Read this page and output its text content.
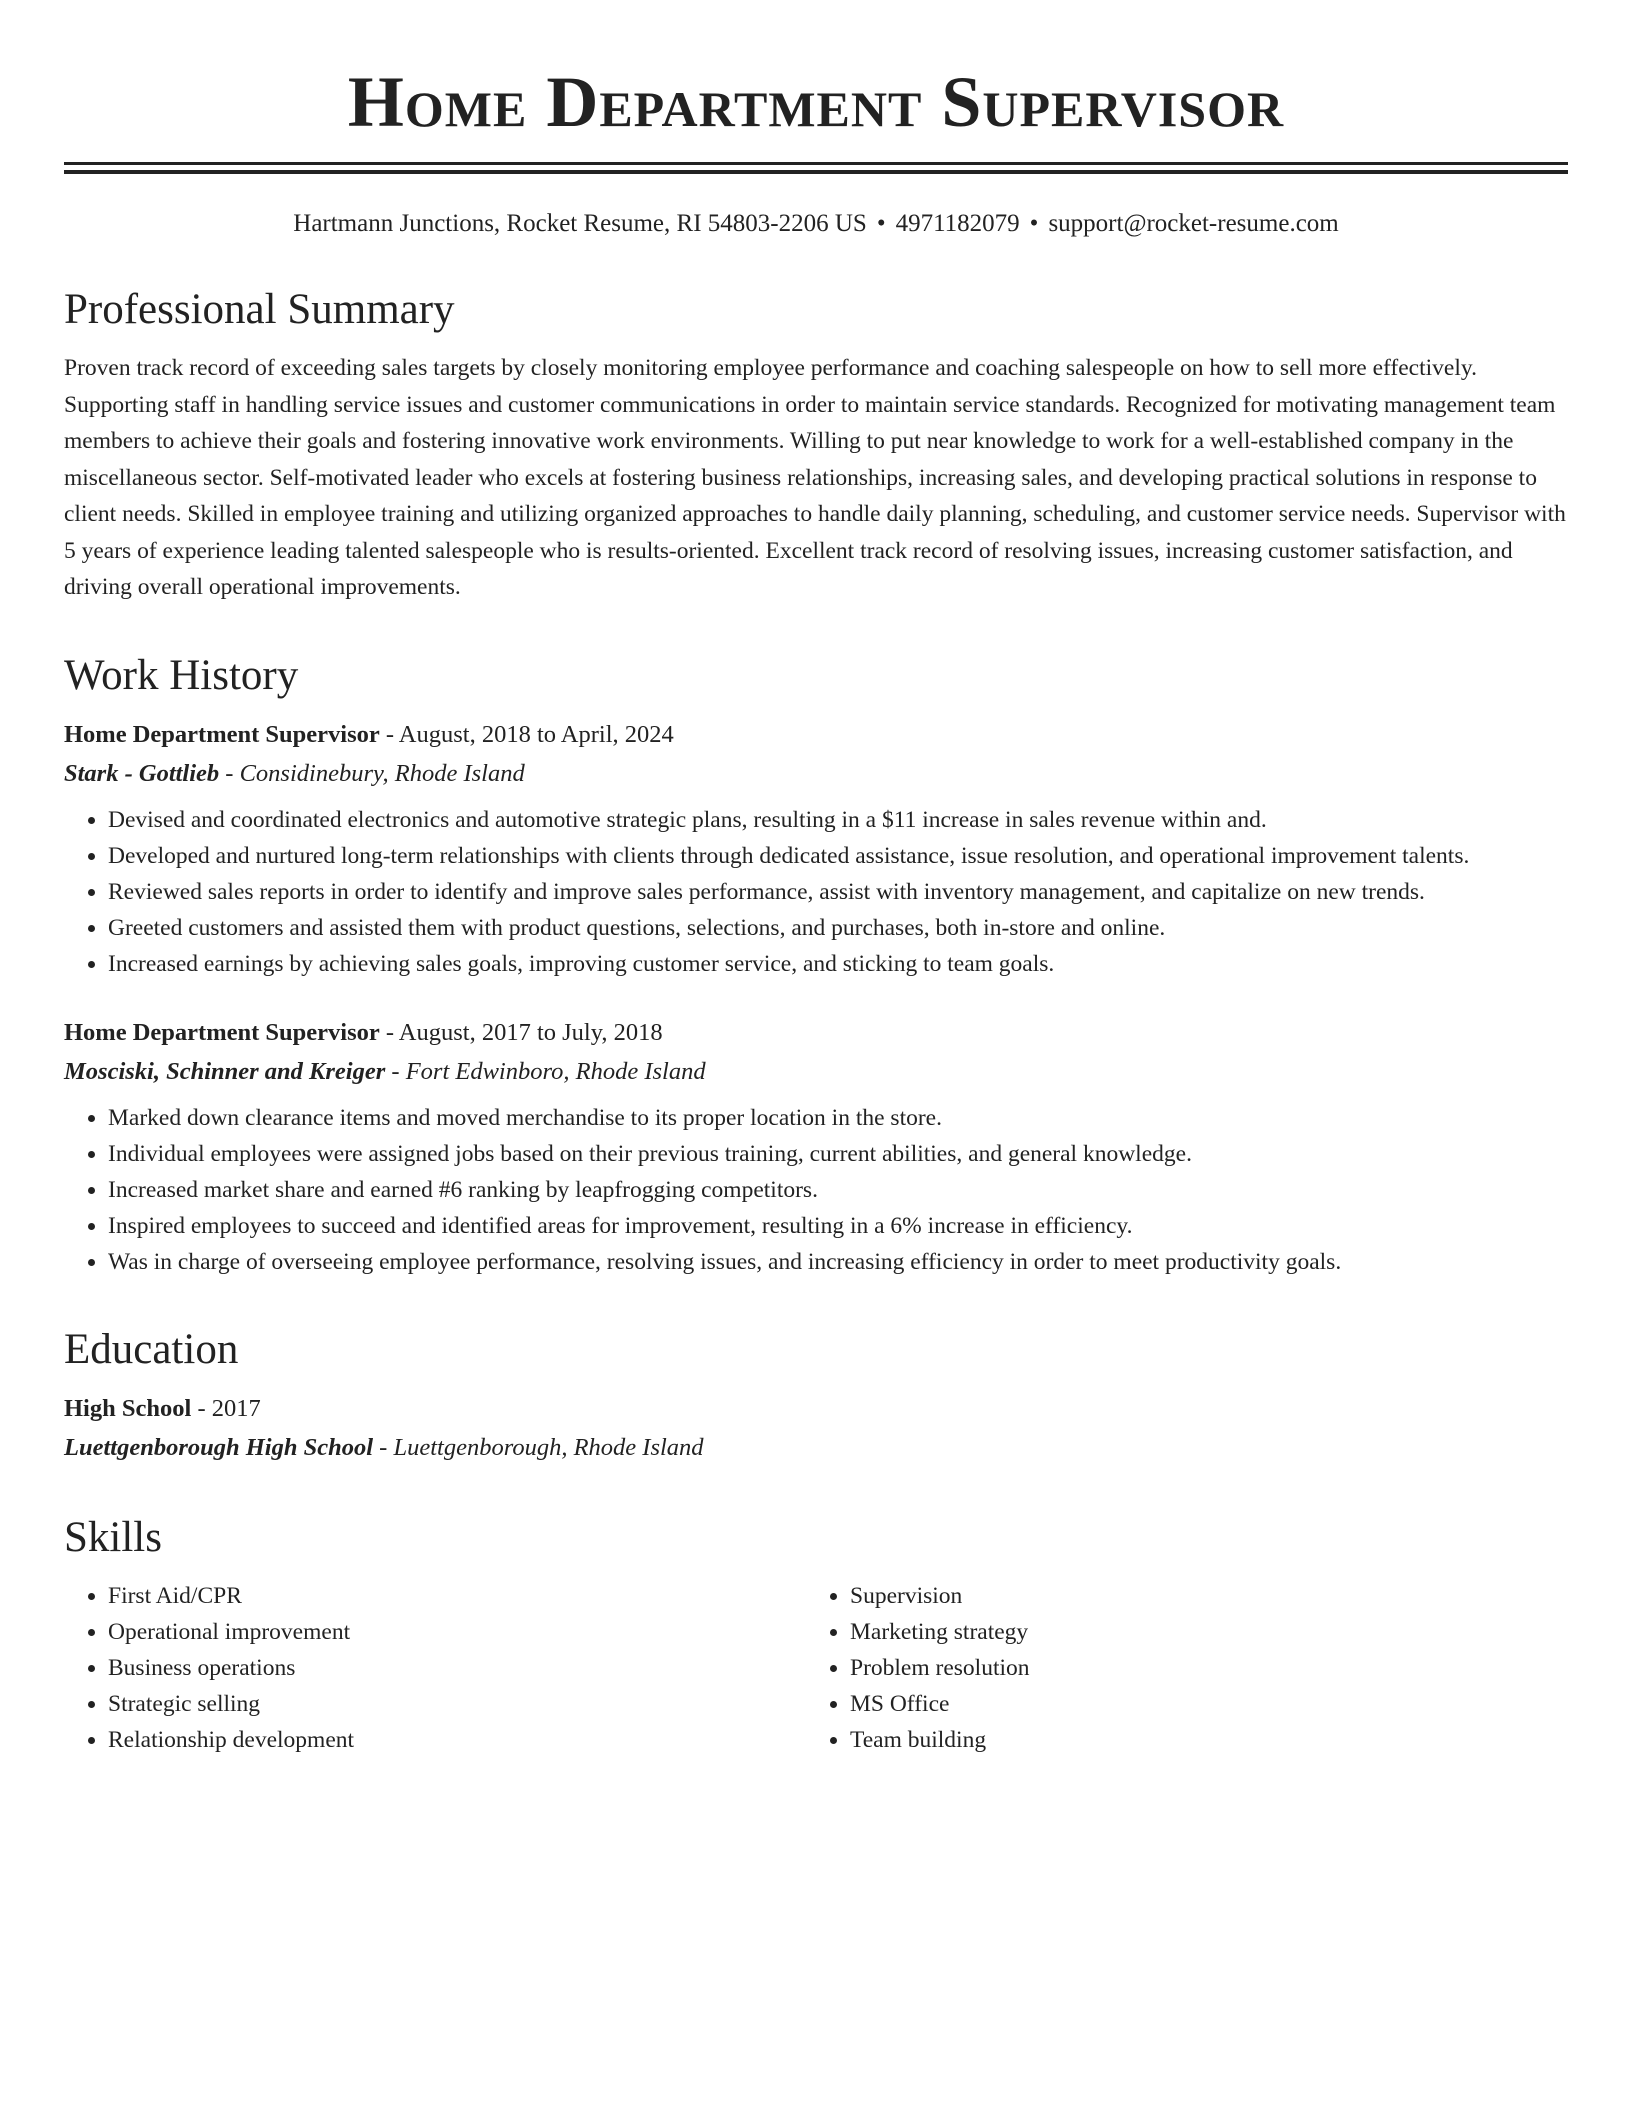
Home Department Supervisor
Hartmann Junctions, Rocket Resume, RI 54803-2206 US • 4971182079 • support@rocket-resume.com
Professional Summary

Proven track record of exceeding sales targets by closely monitoring employee performance and coaching salespeople on how to sell more effectively. Supporting staff in handling service issues and customer communications in order to maintain service standards. Recognized for motivating management team members to achieve their goals and fostering innovative work environments. Willing to put near knowledge to work for a well-established company in the miscellaneous sector. Self-motivated leader who excels at fostering business relationships, increasing sales, and developing practical solutions in response to client needs. Skilled in employee training and utilizing organized approaches to handle daily planning, scheduling, and customer service needs. Supervisor with 5 years of experience leading talented salespeople who is results-oriented. Excellent track record of resolving issues, increasing customer satisfaction, and driving overall operational improvements.

Work History

Home Department Supervisor - August, 2018 to April, 2024

Stark - Gottlieb - Considinebury, Rhode Island

• Devised and coordinated electronics and automotive strategic plans, resulting in a $11 increase in sales revenue within and.
• Developed and nurtured long-term relationships with clients through dedicated assistance, issue resolution, and operational improvement talents.
• Reviewed sales reports in order to identify and improve sales performance, assist with inventory management, and capitalize on new trends.
• Greeted customers and assisted them with product questions, selections, and purchases, both in-store and online.
• Increased earnings by achieving sales goals, improving customer service, and sticking to team goals.

Home Department Supervisor - August, 2017 to July, 2018

Mosciski, Schinner and Kreiger - Fort Edwinboro, Rhode Island

• Marked down clearance items and moved merchandise to its proper location in the store.
• Individual employees were assigned jobs based on their previous training, current abilities, and general knowledge.
• Increased market share and earned #6 ranking by leapfrogging competitors.
• Inspired employees to succeed and identified areas for improvement, resulting in a 6% increase in efficiency.
• Was in charge of overseeing employee performance, resolving issues, and increasing efficiency in order to meet productivity goals.
Education

High School - 2017

Luettgenborough High School - Luettgenborough, Rhode Island

Skills
• First Aid/CPR
• Operational improvement
• Business operations
• Strategic selling
• Relationship development
• Supervision
• Marketing strategy
• Problem resolution
• MS Office
• Team building
